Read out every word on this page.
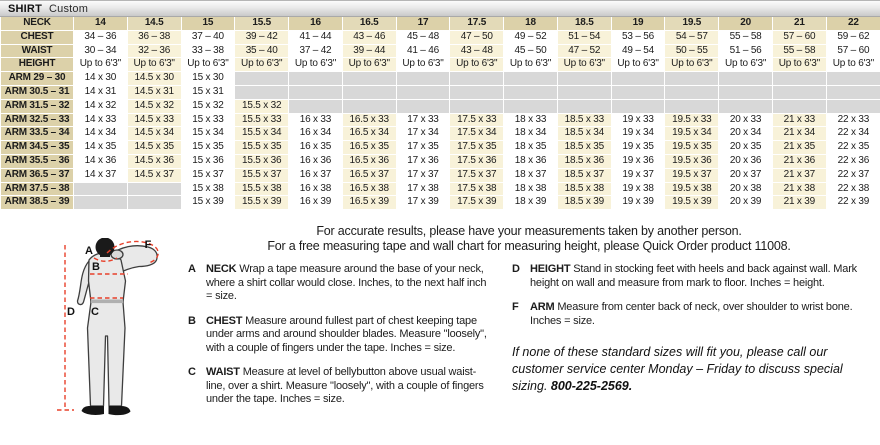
SHIRT Custom
NECK	14	14.5	15	15.5	16	16.5	17	17.5	18	18.5	19	19.5	20	21	22
CHEST	34 – 36	36 – 38	37 – 40	39 – 42	41 – 44	43 – 46	45 – 48	47 – 50	49 – 52	51 – 54	53 – 56	54 – 57	55 – 58	57 – 60	59 – 62
WAIST	30 – 34	32 – 36	33 – 38	35 – 40	37 – 42	39 – 44	41 – 46	43 – 48	45 – 50	47 – 52	49 – 54	50 – 55	51 – 56	55 – 58	57 – 60
HEIGHT	Up to 6'3"	Up to 6'3"	Up to 6'3"	Up to 6'3"	Up to 6'3"	Up to 6'3"	Up to 6'3"	Up to 6'3"	Up to 6'3"	Up to 6'3"	Up to 6'3"	Up to 6'3"	Up to 6'3"	Up to 6'3"	Up to 6'3"
ARM 29 – 30	14 x 30	14.5 x 30	15 x 30												
ARM 30.5 – 31	14 x 31	14.5 x 31	15 x 31												
ARM 31.5 – 32	14 x 32	14.5 x 32	15 x 32	15.5 x 32											
ARM 32.5 – 33	14 x 33	14.5 x 33	15 x 33	15.5 x 33	16 x 33	16.5 x 33	17 x 33	17.5 x 33	18 x 33	18.5 x 33	19 x 33	19.5 x 33	20 x 33	21 x 33	22 x 33
ARM 33.5 – 34	14 x 34	14.5 x 34	15 x 34	15.5 x 34	16 x 34	16.5 x 34	17 x 34	17.5 x 34	18 x 34	18.5 x 34	19 x 34	19.5 x 34	20 x 34	21 x 34	22 x 34
ARM 34.5 – 35	14 x 35	14.5 x 35	15 x 35	15.5 x 35	16 x 35	16.5 x 35	17 x 35	17.5 x 35	18 x 35	18.5 x 35	19 x 35	19.5 x 35	20 x 35	21 x 35	22 x 35
ARM 35.5 – 36	14 x 36	14.5 x 36	15 x 36	15.5 x 36	16 x 36	16.5 x 36	17 x 36	17.5 x 36	18 x 36	18.5 x 36	19 x 36	19.5 x 36	20 x 36	21 x 36	22 x 36
ARM 36.5 – 37	14 x 37	14.5 x 37	15 x 37	15.5 x 37	16 x 37	16.5 x 37	17 x 37	17.5 x 37	18 x 37	18.5 x 37	19 x 37	19.5 x 37	20 x 37	21 x 37	22 x 37
ARM 37.5 – 38			15 x 38	15.5 x 38	16 x 38	16.5 x 38	17 x 38	17.5 x 38	18 x 38	18.5 x 38	19 x 38	19.5 x 38	20 x 38	21 x 38	22 x 38
ARM 38.5 – 39			15 x 39	15.5 x 39	16 x 39	16.5 x 39	17 x 39	17.5 x 39	18 x 39	18.5 x 39	19 x 39	19.5 x 39	20 x 39	21 x 39	22 x 39
A
B
C
D
F
For accurate results, please have your measurements taken by another person.
For a free measuring tape and wall chart for measuring height, please Quick Order product 11008.
A NECK Wrap a tape measure around the base of your neck, where a shirt collar would close. Inches, to the next half inch = size.
B CHEST Measure around fullest part of chest keeping tape under arms and around shoulder blades. Measure "loosely", with a couple of fingers under the tape. Inches = size.
C WAIST Measure at level of bellybutton above usual waist-line, over a shirt. Measure "loosely", with a couple of fingers under the tape. Inches = size.
D HEIGHT Stand in stocking feet with heels and back against wall. Mark height on wall and measure from mark to floor. Inches = height.
F	ARM Measure from center back of neck, over shoulder to wrist bone. Inches = size.
If none of these standard sizes will fit you, please call our customer service center Monday – Friday to discuss special sizing. 800-225-2569.
